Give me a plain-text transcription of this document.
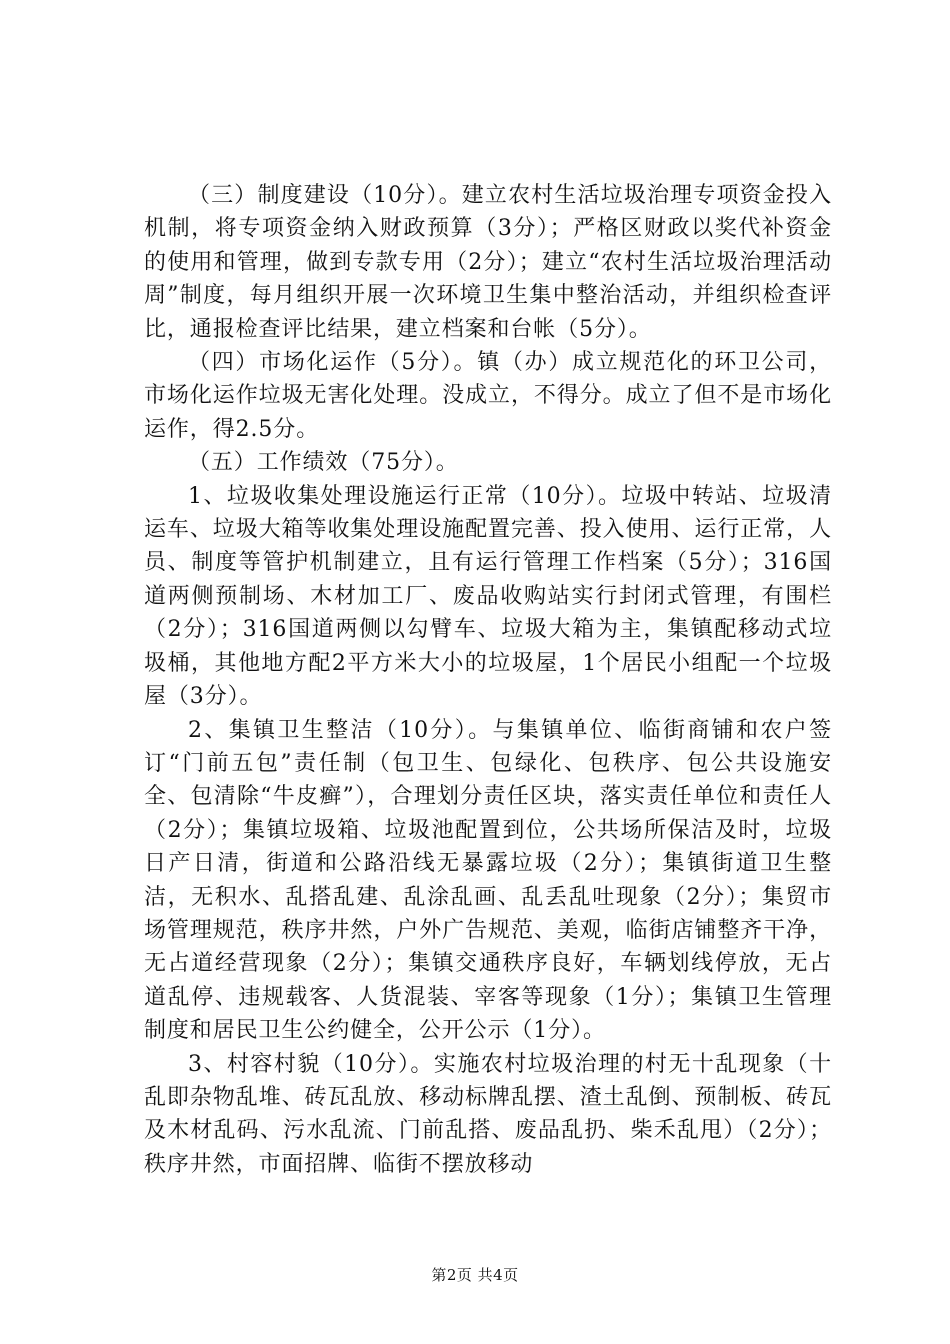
（三）制度建设（10分）。建立农村生活垃圾治理专项资金投入机制，将专项资金纳入财政预算（3分）；严格区财政以奖代补资金的使用和管理，做到专款专用（2分）；建立“农村生活垃圾治理活动周”制度，每月组织开展一次环境卫生集中整治活动，并组织检查评比，通报检查评比结果，建立档案和台帐（5分）。

（四）市场化运作（5分）。镇（办）成立规范化的环卫公司，市场化运作垃圾无害化处理。没成立，不得分。成立了但不是市场化运作，得2.5分。

（五）工作绩效（75分）。

1、垃圾收集处理设施运行正常（10分）。垃圾中转站、垃圾清运车、垃圾大箱等收集处理设施配置完善、投入使用、运行正常，人员、制度等管护机制建立，且有运行管理工作档案（5分）；316国道两侧预制场、木材加工厂、废品收购站实行封闭式管理，有围栏（2分）；316国道两侧以勾臂车、垃圾大箱为主，集镇配移动式垃圾桶，其他地方配2平方米大小的垃圾屋，1个居民小组配一个垃圾屋（3分）。

2、集镇卫生整洁（10分）。与集镇单位、临街商铺和农户签订“门前五包”责任制（包卫生、包绿化、包秩序、包公共设施安全、包清除“牛皮癣”），合理划分责任区块，落实责任单位和责任人（2分）；集镇垃圾箱、垃圾池配置到位，公共场所保洁及时，垃圾日产日清，街道和公路沿线无暴露垃圾（2分）；集镇街道卫生整洁，无积水、乱搭乱建、乱涂乱画、乱丢乱吐现象（2分）；集贸市场管理规范，秩序井然，户外广告规范、美观，临街店铺整齐干净，无占道经营现象（2分）；集镇交通秩序良好，车辆划线停放，无占道乱停、违规载客、人货混装、宰客等现象（1分）；集镇卫生管理制度和居民卫生公约健全，公开公示（1分）。

3、村容村貌（10分）。实施农村垃圾治理的村无十乱现象（十乱即杂物乱堆、砖瓦乱放、移动标牌乱摆、渣土乱倒、预制板、砖瓦及木材乱码、污水乱流、门前乱搭、废品乱扔、柴禾乱甩）（2分）；秩序井然，市面招牌、临街不摆放移动

第2页 共4页
